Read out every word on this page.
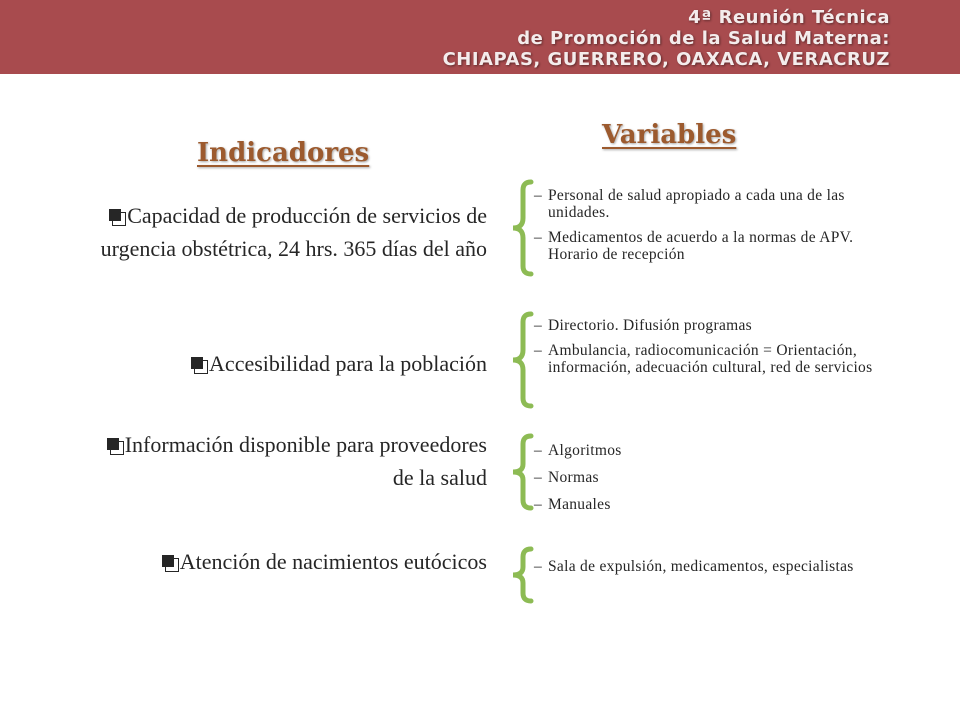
4ª Reunión Técnica
de Promoción de la Salud Materna:
CHIAPAS, GUERRERO, OAXACA, VERACRUZ
Indicadores
Variables
Capacidad de producción de servicios de urgencia obstétrica, 24 hrs. 365 días del año
Accesibilidad para la población
Información disponible para proveedores de la salud
Atención de nacimientos eutócicos
– Personal de salud apropiado a cada una de las unidades.
– Medicamentos de acuerdo a la normas de APV. Horario de recepción
– Directorio. Difusión programas
– Ambulancia, radiocomunicación = Orientación, información, adecuación cultural, red de servicios
– Algoritmos
– Normas
– Manuales
– Sala de expulsión, medicamentos, especialistas
